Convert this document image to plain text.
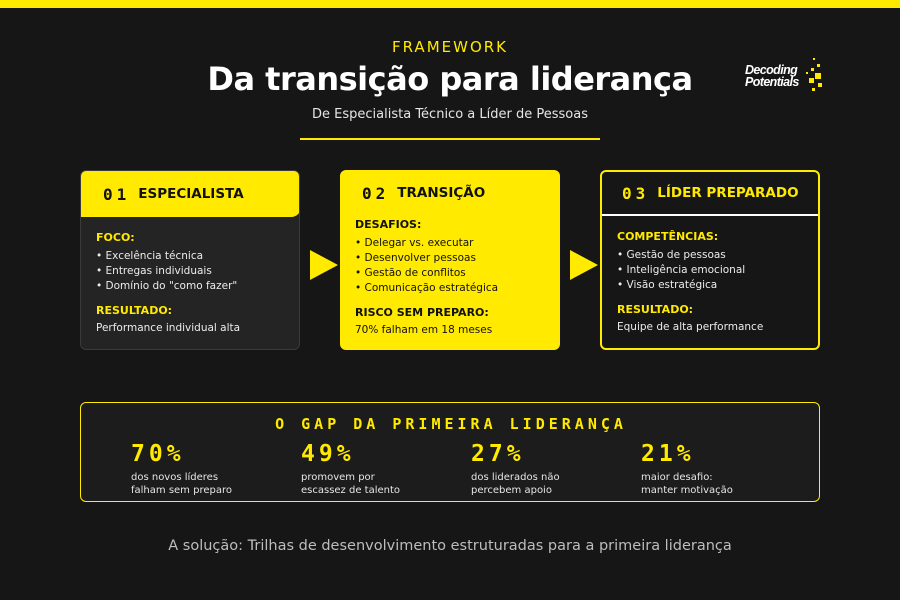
FRAMEWORK
Da transição para liderança
De Especialista Técnico a Líder de Pessoas
Decoding
Potentials
01 ESPECIALISTA
FOCO:
• Excelência técnica
• Entregas individuais
• Domínio do "como fazer"
RESULTADO:
Performance individual alta
02 TRANSIÇÃO
DESAFIOS:
• Delegar vs. executar
• Desenvolver pessoas
• Gestão de conflitos
• Comunicação estratégica
RISCO SEM PREPARO:
70% falham em 18 meses
03 LÍDER PREPARADO
COMPETÊNCIAS:
• Gestão de pessoas
• Inteligência emocional
• Visão estratégica
RESULTADO:
Equipe de alta performance
O GAP DA PRIMEIRA LIDERANÇA
70%
dos novos líderes
falham sem preparo
49%
promovem por
escassez de talento
27%
dos liderados não
percebem apoio
21%
maior desafio:
manter motivação
A solução: Trilhas de desenvolvimento estruturadas para a primeira liderança
